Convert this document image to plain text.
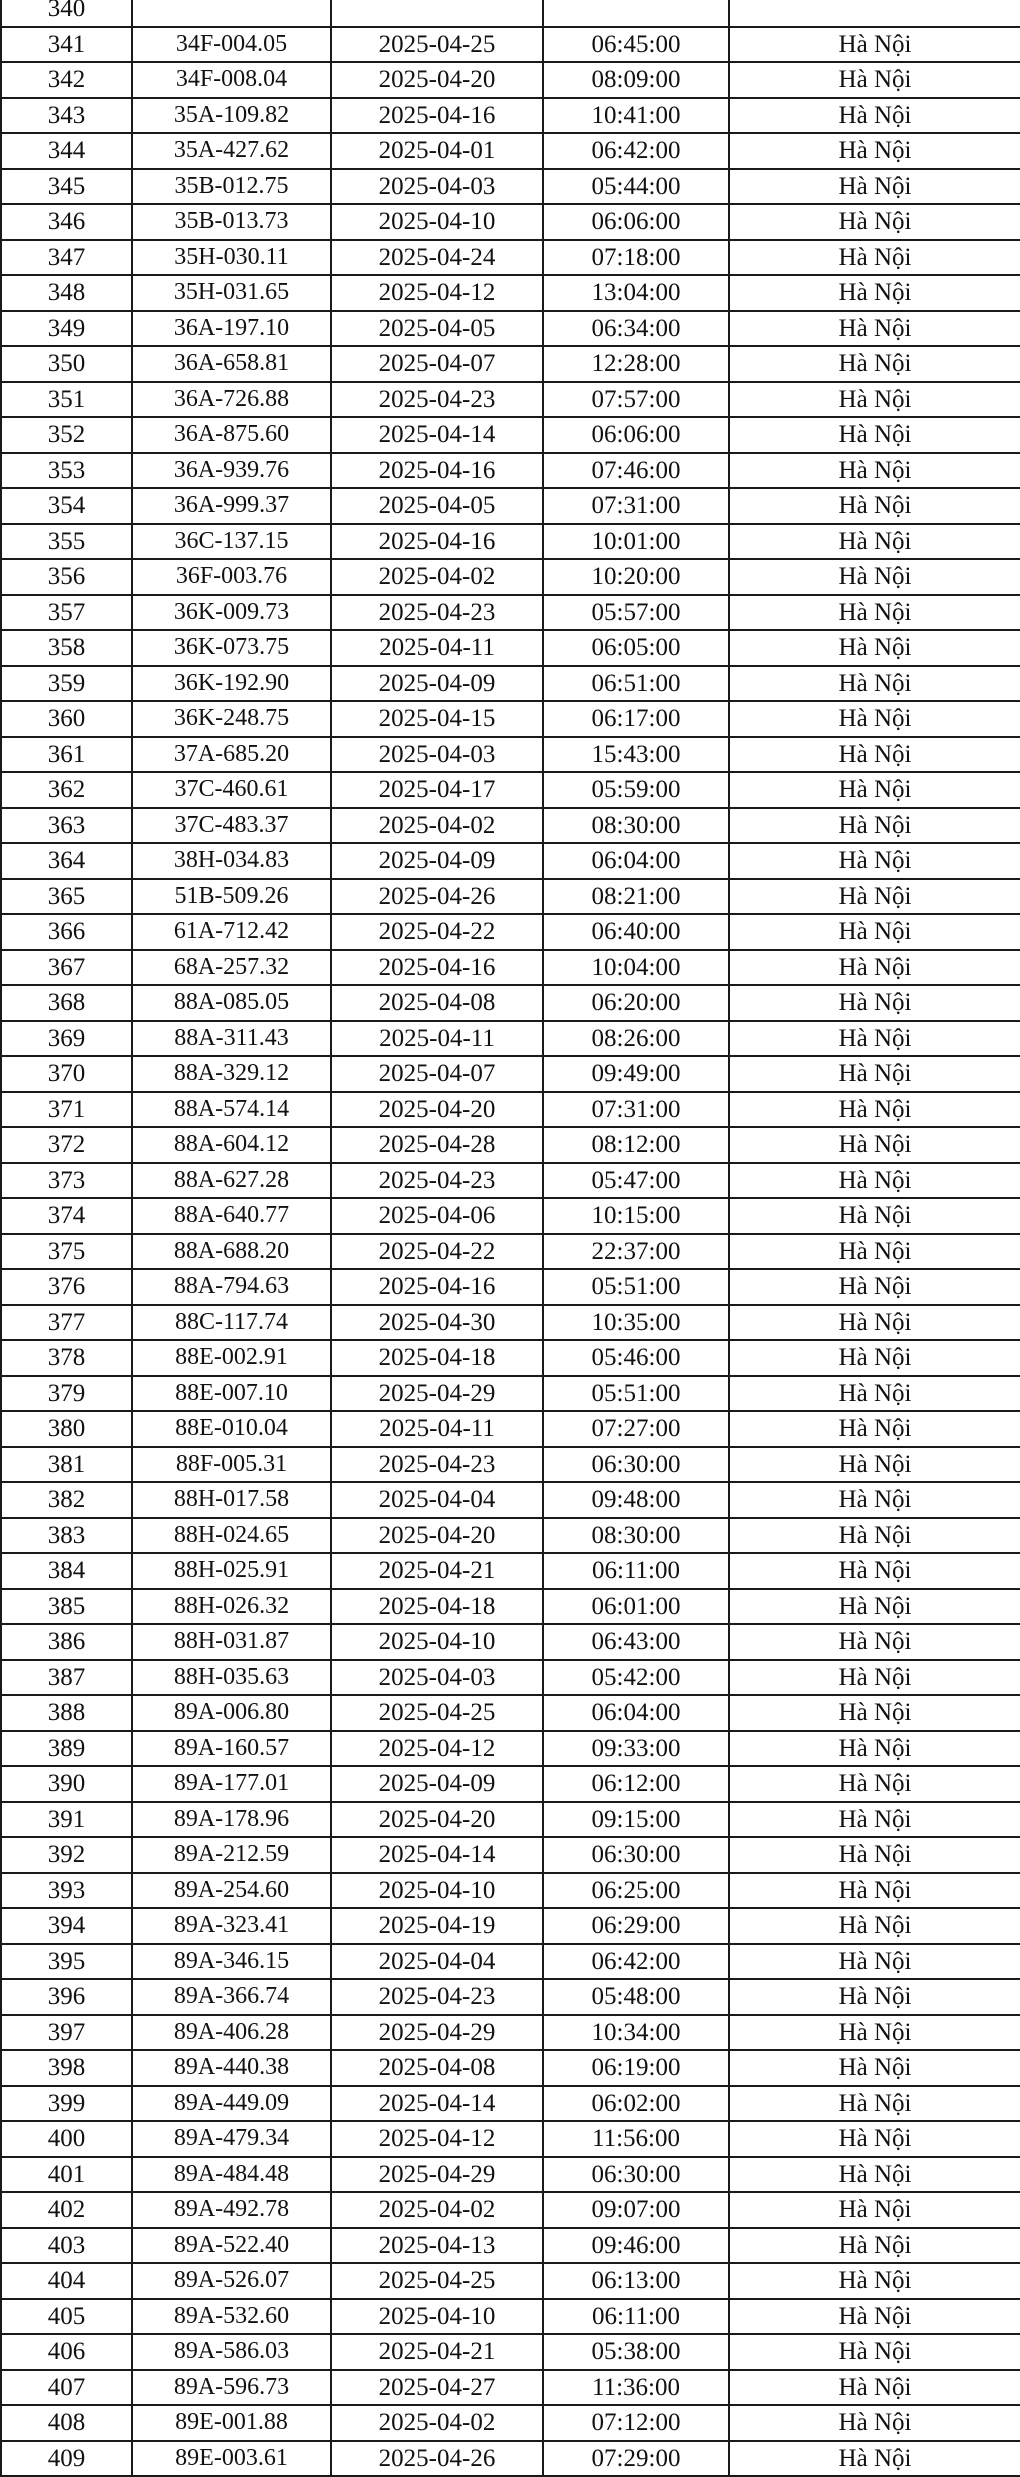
340				
341	34F-004.05	2025-04-25	06:45:00	Hà Nội
342	34F-008.04	2025-04-20	08:09:00	Hà Nội
343	35A-109.82	2025-04-16	10:41:00	Hà Nội
344	35A-427.62	2025-04-01	06:42:00	Hà Nội
345	35B-012.75	2025-04-03	05:44:00	Hà Nội
346	35B-013.73	2025-04-10	06:06:00	Hà Nội
347	35H-030.11	2025-04-24	07:18:00	Hà Nội
348	35H-031.65	2025-04-12	13:04:00	Hà Nội
349	36A-197.10	2025-04-05	06:34:00	Hà Nội
350	36A-658.81	2025-04-07	12:28:00	Hà Nội
351	36A-726.88	2025-04-23	07:57:00	Hà Nội
352	36A-875.60	2025-04-14	06:06:00	Hà Nội
353	36A-939.76	2025-04-16	07:46:00	Hà Nội
354	36A-999.37	2025-04-05	07:31:00	Hà Nội
355	36C-137.15	2025-04-16	10:01:00	Hà Nội
356	36F-003.76	2025-04-02	10:20:00	Hà Nội
357	36K-009.73	2025-04-23	05:57:00	Hà Nội
358	36K-073.75	2025-04-11	06:05:00	Hà Nội
359	36K-192.90	2025-04-09	06:51:00	Hà Nội
360	36K-248.75	2025-04-15	06:17:00	Hà Nội
361	37A-685.20	2025-04-03	15:43:00	Hà Nội
362	37C-460.61	2025-04-17	05:59:00	Hà Nội
363	37C-483.37	2025-04-02	08:30:00	Hà Nội
364	38H-034.83	2025-04-09	06:04:00	Hà Nội
365	51B-509.26	2025-04-26	08:21:00	Hà Nội
366	61A-712.42	2025-04-22	06:40:00	Hà Nội
367	68A-257.32	2025-04-16	10:04:00	Hà Nội
368	88A-085.05	2025-04-08	06:20:00	Hà Nội
369	88A-311.43	2025-04-11	08:26:00	Hà Nội
370	88A-329.12	2025-04-07	09:49:00	Hà Nội
371	88A-574.14	2025-04-20	07:31:00	Hà Nội
372	88A-604.12	2025-04-28	08:12:00	Hà Nội
373	88A-627.28	2025-04-23	05:47:00	Hà Nội
374	88A-640.77	2025-04-06	10:15:00	Hà Nội
375	88A-688.20	2025-04-22	22:37:00	Hà Nội
376	88A-794.63	2025-04-16	05:51:00	Hà Nội
377	88C-117.74	2025-04-30	10:35:00	Hà Nội
378	88E-002.91	2025-04-18	05:46:00	Hà Nội
379	88E-007.10	2025-04-29	05:51:00	Hà Nội
380	88E-010.04	2025-04-11	07:27:00	Hà Nội
381	88F-005.31	2025-04-23	06:30:00	Hà Nội
382	88H-017.58	2025-04-04	09:48:00	Hà Nội
383	88H-024.65	2025-04-20	08:30:00	Hà Nội
384	88H-025.91	2025-04-21	06:11:00	Hà Nội
385	88H-026.32	2025-04-18	06:01:00	Hà Nội
386	88H-031.87	2025-04-10	06:43:00	Hà Nội
387	88H-035.63	2025-04-03	05:42:00	Hà Nội
388	89A-006.80	2025-04-25	06:04:00	Hà Nội
389	89A-160.57	2025-04-12	09:33:00	Hà Nội
390	89A-177.01	2025-04-09	06:12:00	Hà Nội
391	89A-178.96	2025-04-20	09:15:00	Hà Nội
392	89A-212.59	2025-04-14	06:30:00	Hà Nội
393	89A-254.60	2025-04-10	06:25:00	Hà Nội
394	89A-323.41	2025-04-19	06:29:00	Hà Nội
395	89A-346.15	2025-04-04	06:42:00	Hà Nội
396	89A-366.74	2025-04-23	05:48:00	Hà Nội
397	89A-406.28	2025-04-29	10:34:00	Hà Nội
398	89A-440.38	2025-04-08	06:19:00	Hà Nội
399	89A-449.09	2025-04-14	06:02:00	Hà Nội
400	89A-479.34	2025-04-12	11:56:00	Hà Nội
401	89A-484.48	2025-04-29	06:30:00	Hà Nội
402	89A-492.78	2025-04-02	09:07:00	Hà Nội
403	89A-522.40	2025-04-13	09:46:00	Hà Nội
404	89A-526.07	2025-04-25	06:13:00	Hà Nội
405	89A-532.60	2025-04-10	06:11:00	Hà Nội
406	89A-586.03	2025-04-21	05:38:00	Hà Nội
407	89A-596.73	2025-04-27	11:36:00	Hà Nội
408	89E-001.88	2025-04-02	07:12:00	Hà Nội
409	89E-003.61	2025-04-26	07:29:00	Hà Nội
